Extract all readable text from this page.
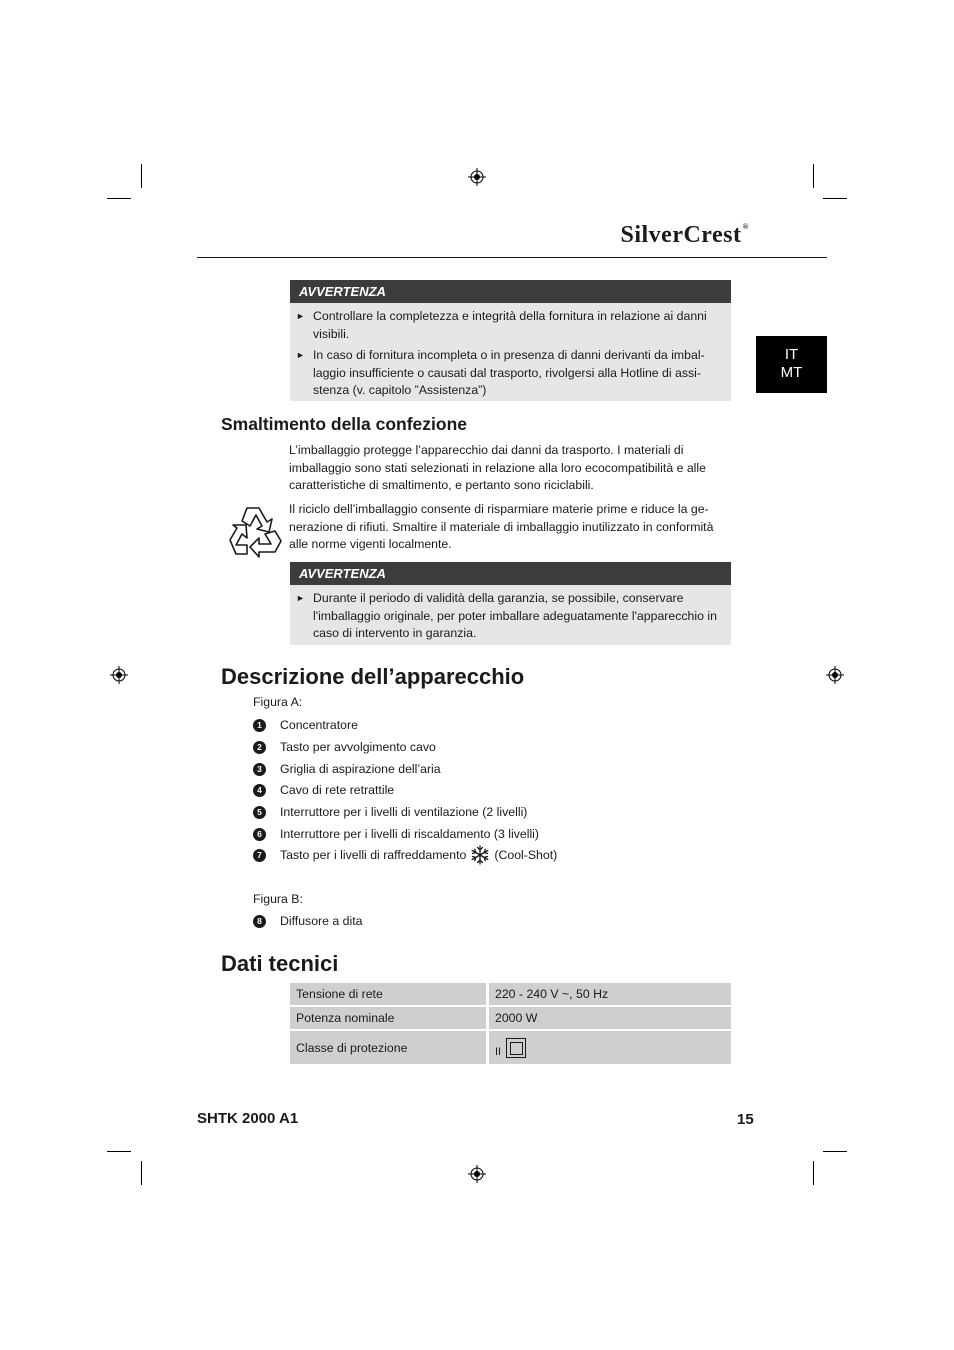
SilverCrest®
IT
MT
AVVERTENZA
► Controllare la completezza e integrità della fornitura in relazione ai danni visibili.
► In caso di fornitura incompleta o in presenza di danni derivanti da imbal- laggio insufficiente o causati dal trasporto, rivolgersi alla Hotline di assi- stenza (v. capitolo ”Assistenza”)
Smaltimento della confezione
L’imballaggio protegge l’apparecchio dai danni da trasporto. I materiali di imballaggio sono stati selezionati in relazione alla loro ecocompatibilità e alle caratteristiche di smaltimento, e pertanto sono riciclabili.
Il riciclo dell’imballaggio consente di risparmiare materie prime e riduce la ge- nerazione di rifiuti. Smaltire il materiale di imballaggio inutilizzato in conformità alle norme vigenti localmente.
AVVERTENZA
► Durante il periodo di validità della garanzia, se possibile, conservare l'imballaggio originale, per poter imballare adeguatamente l'apparecchio in caso di intervento in garanzia.
Descrizione dell’apparecchio
Figura A:
1	Concentratore
2	Tasto per avvolgimento cavo
3	Griglia di aspirazione dell’aria
4	Cavo di rete retrattile
5	Interruttore per i livelli di ventilazione (2 livelli)
6	Interruttore per i livelli di riscaldamento (3 livelli)
7	Tasto per i livelli di raffreddamento (Cool-Shot)
Figura B:
8	Diffusore a dita
Dati tecnici
Tensione di rete	220 - 240 V ~, 50 Hz
Potenza nominale	2000 W
Classe di protezione	II
SHTK 2000 A1	15
